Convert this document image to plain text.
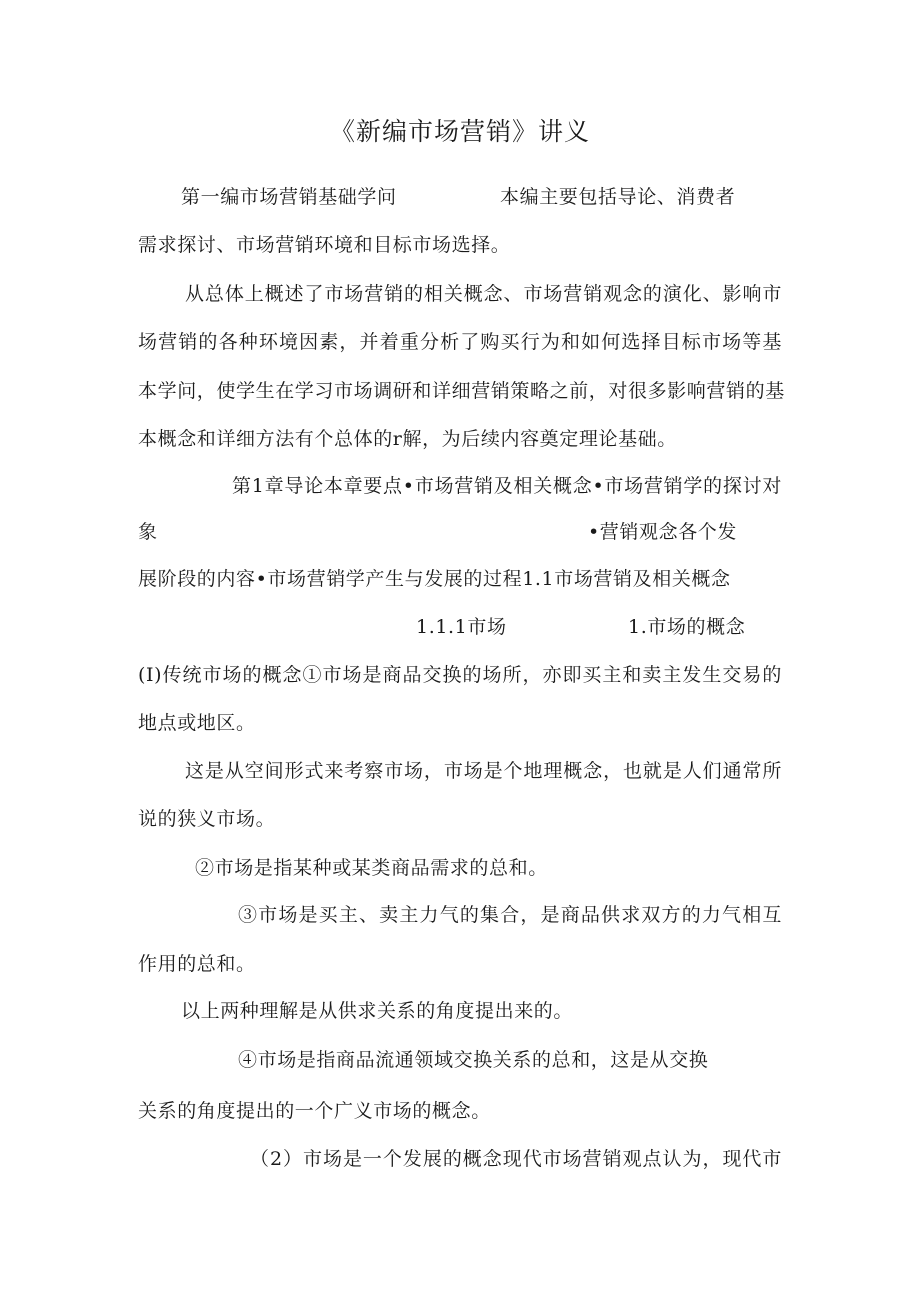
《新编市场营销》讲义
第一编市场营销基础学问	本编主要包括导论、消费者
需求探讨、市场营销环境和目标市场选择。
从总体上概述了市场营销的相关概念、市场营销观念的演化、影响市
场营销的各种环境因素，并着重分析了购买行为和如何选择目标市场等基
本学问，使学生在学习市场调研和详细营销策略之前，对很多影响营销的基
本概念和详细方法有个总体的r解，为后续内容奠定理论基础。
第1章导论本章要点•市场营销及相关概念•市场营销学的探讨对
象	•营销观念各个发
展阶段的内容•市场营销学产生与发展的过程1.1市场营销及相关概念
1.1.1市场	1.市场的概念
(I)传统市场的概念①市场是商品交换的场所，亦即买主和卖主发生交易的
地点或地区。
这是从空间形式来考察市场，市场是个地理概念，也就是人们通常所
说的狭义市场。
②市场是指某种或某类商品需求的总和。
③市场是买主、卖主力气的集合，是商品供求双方的力气相互
作用的总和。
以上两种理解是从供求关系的角度提出来的。
④市场是指商品流通领域交换关系的总和，这是从交换
关系的角度提出的一个广义市场的概念。
（2）市场是一个发展的概念现代市场营销观点认为，现代市
